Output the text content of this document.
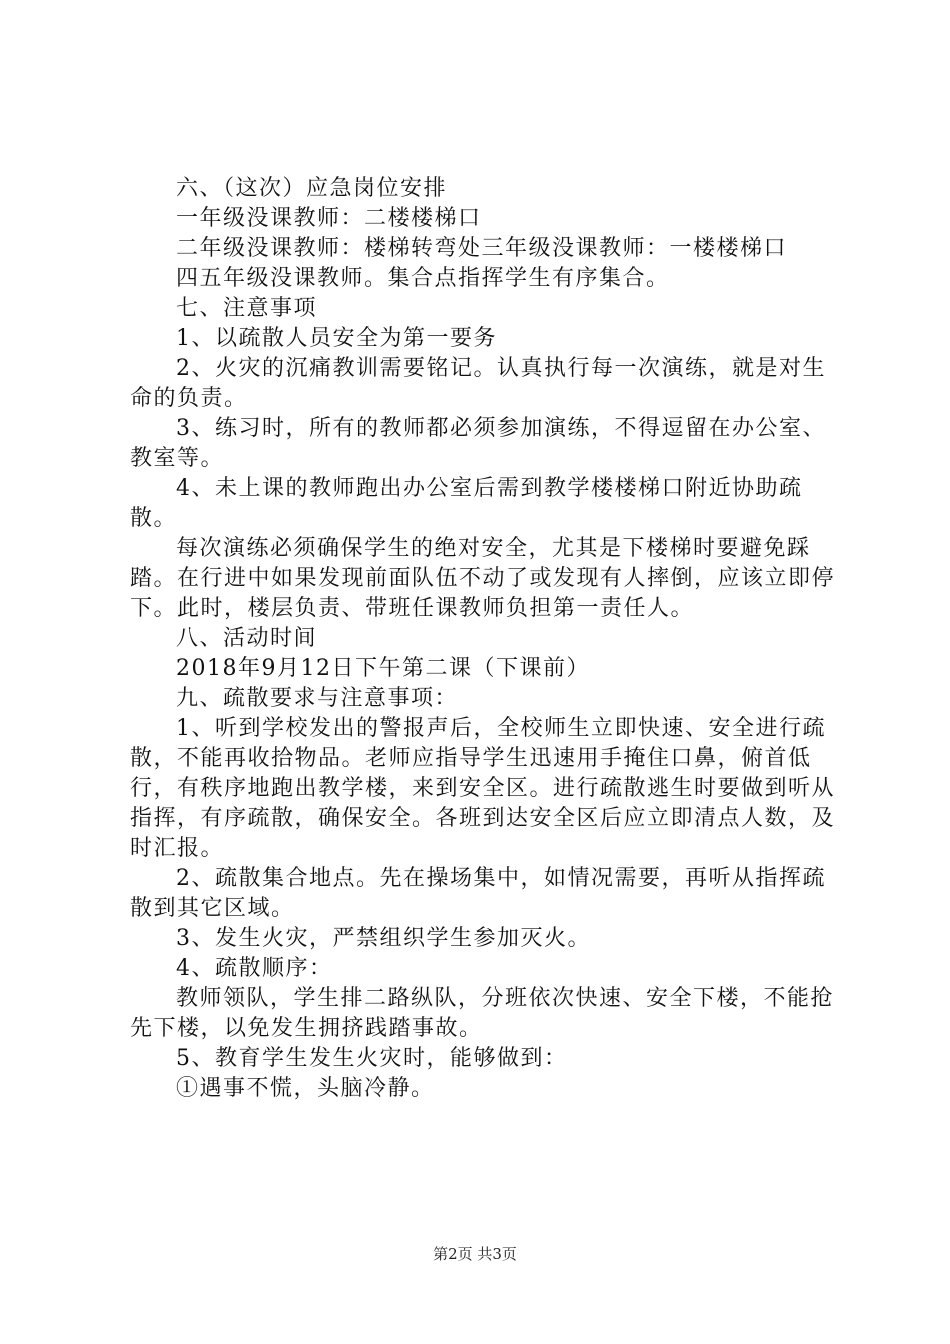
六、（这次）应急岗位安排

一年级没课教师：二楼楼梯口

二年级没课教师：楼梯转弯处三年级没课教师：一楼楼梯口

四五年级没课教师。集合点指挥学生有序集合。

七、注意事项

1、以疏散人员安全为第一要务

2、火灾的沉痛教训需要铭记。认真执行每一次演练，就是对生命的负责。

3、练习时，所有的教师都必须参加演练，不得逗留在办公室、教室等。

4、未上课的教师跑出办公室后需到教学楼楼梯口附近协助疏散。

每次演练必须确保学生的绝对安全，尤其是下楼梯时要避免踩踏。在行进中如果发现前面队伍不动了或发现有人摔倒，应该立即停下。此时，楼层负责、带班任课教师负担第一责任人。

八、活动时间

2018年9月12日下午第二课（下课前）

九、疏散要求与注意事项：

1、听到学校发出的警报声后，全校师生立即快速、安全进行疏散，不能再收拾物品。老师应指导学生迅速用手掩住口鼻，俯首低行，有秩序地跑出教学楼，来到安全区。进行疏散逃生时要做到听从指挥，有序疏散，确保安全。各班到达安全区后应立即清点人数，及时汇报。

2、疏散集合地点。先在操场集中，如情况需要，再听从指挥疏散到其它区域。

3、发生火灾，严禁组织学生参加灭火。

4、疏散顺序：

教师领队，学生排二路纵队，分班依次快速、安全下楼，不能抢先下楼，以免发生拥挤践踏事故。

5、教育学生发生火灾时，能够做到：

①遇事不慌，头脑冷静。

第2页 共3页
